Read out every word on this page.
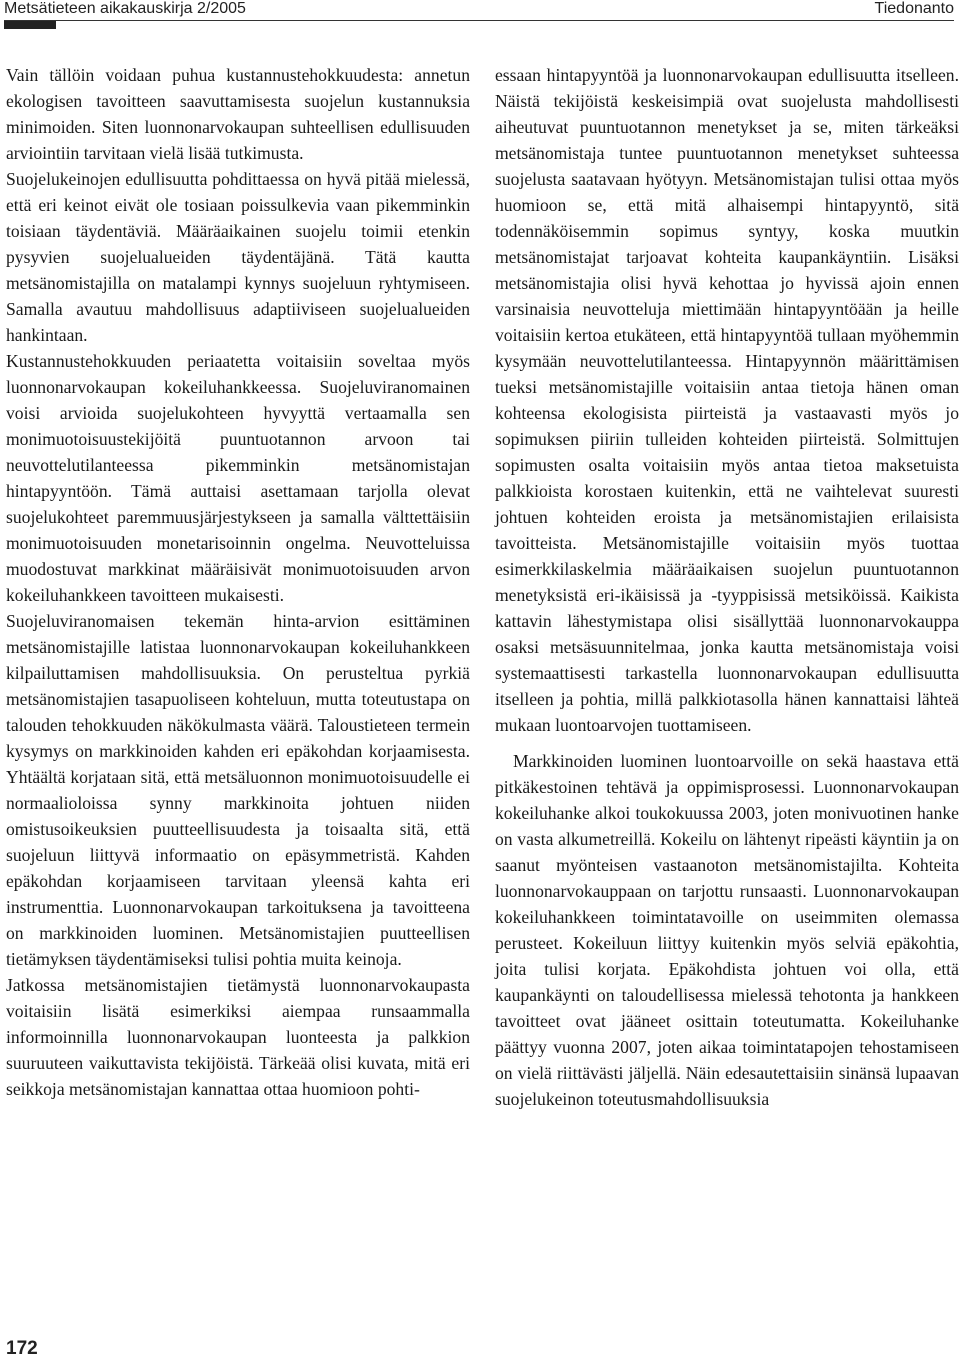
Metsätieteen aikakauskirja 2/2005	Tiedonanto

Vain tällöin voidaan puhua kustannustehokkuudesta: annetun ekologisen tavoitteen saavuttamisesta suojelun kustannuksia minimoiden. Siten luonnonarvokaupan suhteellisen edullisuuden arviointiin tarvitaan vielä lisää tutkimusta.

Suojelukeinojen edullisuutta pohdittaessa on hyvä pitää mielessä, että eri keinot eivät ole tosiaan poissulkevia vaan pikemminkin toisiaan täydentäviä. Määräaikainen suojelu toimii etenkin pysyvien suojelualueiden täydentäjänä. Tätä kautta metsänomistajilla on matalampi kynnys suojeluun ryhtymiseen. Samalla avautuu mahdollisuus adaptiiviseen suojelualueiden hankintaan.

Kustannustehokkuuden periaatetta voitaisiin soveltaa myös luonnonarvokaupan kokeiluhankkeessa. Suojeluviranomainen voisi arvioida suojelukohteen hyvyyttä vertaamalla sen monimuotoisuustekijöitä puuntuotannon arvoon tai neuvottelutilanteessa pikemminkin metsänomistajan hintapyyntöön. Tämä auttaisi asettamaan tarjolla olevat suojelukohteet paremmuusjärjestykseen ja samalla välttettäisiin monimuotoisuuden monetarisoinnin ongelma. Neuvotteluissa muodostuvat markkinat määräisivät monimuotoisuuden arvon kokeiluhankkeen tavoitteen mukaisesti.

Suojeluviranomaisen tekemän hinta-arvion esittäminen metsänomistajille latistaa luonnonarvokaupan kokeiluhankkeen kilpailuttamisen mahdollisuuksia. On perusteltua pyrkiä metsänomistajien tasapuoliseen kohteluun, mutta toteutustapa on talouden tehokkuuden näkökulmasta väärä. Taloustieteen termein kysymys on markkinoiden kahden eri epäkohdan korjaamisesta. Yhtäältä korjataan sitä, että metsäluonnon monimuotoisuudelle ei normaalioloissa synny markkinoita johtuen niiden omistusoikeuksien puutteellisuudesta ja toisaalta sitä, että suojeluun liittyvä informaatio on epäsymmetristä. Kahden epäkohdan korjaamiseen tarvitaan yleensä kahta eri instrumenttia. Luonnonarvokaupan tarkoituksena ja tavoitteena on markkinoiden luominen. Metsänomistajien puutteellisen tietämyksen täydentämiseksi tulisi pohtia muita keinoja.

Jatkossa metsänomistajien tietämystä luonnonarvokaupasta voitaisiin lisätä esimerkiksi aiempaa runsaammalla informoinnilla luonnonarvokaupan luonteesta ja palkkion suuruuteen vaikuttavista tekijöistä. Tärkeää olisi kuvata, mitä eri seikkoja metsänomistajan kannattaa ottaa huomioon pohti-

essaan hintapyyntöä ja luonnonarvokaupan edullisuutta itselleen. Näistä tekijöistä keskeisimpiä ovat suojelusta mahdollisesti aiheutuvat puuntuotannon menetykset ja se, miten tärkeäksi metsänomistaja tuntee puuntuotannon menetykset suhteessa suojelusta saatavaan hyötyyn. Metsänomistajan tulisi ottaa myös huomioon se, että mitä alhaisempi hintapyyntö, sitä todennäköisemmin sopimus syntyy, koska muutkin metsänomistajat tarjoavat kohteita kaupankäyntiin. Lisäksi metsänomistajia olisi hyvä kehottaa jo hyvissä ajoin ennen varsinaisia neuvotteluja miettimään hintapyyntöään ja heille voitaisiin kertoa etukäteen, että hintapyyntöä tullaan myöhemmin kysymään neuvottelutilanteessa. Hintapyynnön määrittämisen tueksi metsänomistajille voitaisiin antaa tietoja hänen oman kohteensa ekologisista piirteistä ja vastaavasti myös jo sopimuksen piiriin tulleiden kohteiden piirteistä. Solmittujen sopimusten osalta voitaisiin myös antaa tietoa maksetuista palkkioista korostaen kuitenkin, että ne vaihtelevat suuresti johtuen kohteiden eroista ja metsänomistajien erilaisista tavoitteista. Metsänomistajille voitaisiin myös tuottaa esimerkkilaskelmia määräaikaisen suojelun puuntuotannon menetyksistä eri-ikäisissä ja -tyyppisissä metsiköissä. Kaikista kattavin lähestymistapa olisi sisällyttää luonnonarvokauppa osaksi metsäsuunnitelmaa, jonka kautta metsänomistaja voisi systemaattisesti tarkastella luonnonarvokaupan edullisuutta itselleen ja pohtia, millä palkkiotasolla hänen kannattaisi lähteä mukaan luontoarvojen tuottamiseen.

Markkinoiden luominen luontoarvoille on sekä haastava että pitkäkestoinen tehtävä ja oppimisprosessi. Luonnonarvokaupan kokeiluhanke alkoi toukokuussa 2003, joten monivuotinen hanke on vasta alkumetreillä. Kokeilu on lähtenyt ripeästi käyntiin ja on saanut myönteisen vastaanoton metsänomistajilta. Kohteita luonnonarvokauppaan on tarjottu runsaasti. Luonnonarvokaupan kokeiluhankkeen toimintatavoille on useimmiten olemassa perusteet. Kokeiluun liittyy kuitenkin myös selviä epäkohtia, joita tulisi korjata. Epäkohdista johtuen voi olla, että kaupankäynti on taloudellisessa mielessä tehotonta ja hankkeen tavoitteet ovat jääneet osittain toteutumatta. Kokeiluhanke päättyy vuonna 2007, joten aikaa toimintatapojen tehostamiseen on vielä riittävästi jäljellä. Näin edesautettaisiin sinänsä lupaavan suojelukeinon toteutusmahdollisuuksia

172
